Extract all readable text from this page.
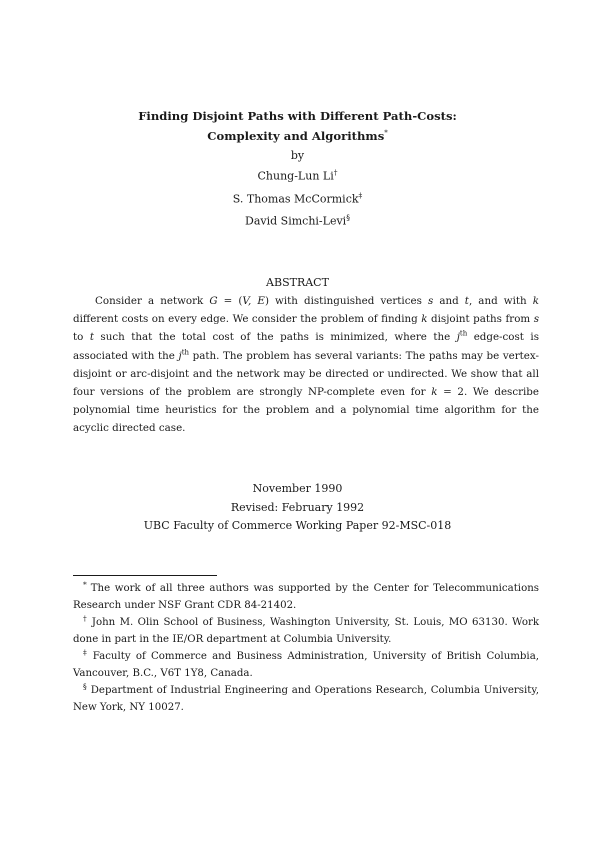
Finding Disjoint Paths with Different Path-Costs:
Complexity and Algorithms*
by
Chung-Lun Li†
S. Thomas McCormick‡
David Simchi-Levi§
ABSTRACT

Consider a network G = (V, E) with distinguished vertices s and t, and with k different costs on every edge. We consider the problem of finding k disjoint paths from s to t such that the total cost of the paths is minimized, where the $j^{th}$ edge-cost is associated with the $j^{th}$ path. The problem has several variants: The paths may be vertex-disjoint or arc-disjoint and the network may be directed or undirected. We show that all four versions of the problem are strongly NP-complete even for k = 2. We describe polynomial time heuristics for the problem and a polynomial time algorithm for the acyclic directed case.

November 1990
Revised: February 1992
UBC Faculty of Commerce Working Paper 92-MSC-018

* The work of all three authors was supported by the Center for Telecommunications Research under NSF Grant CDR 84-21402.

† John M. Olin School of Business, Washington University, St. Louis, MO 63130. Work done in part in the IE/OR department at Columbia University.

‡ Faculty of Commerce and Business Administration, University of British Columbia, Vancouver, B.C., V6T 1Y8, Canada.

§ Department of Industrial Engineering and Operations Research, Columbia University, New York, NY 10027.
